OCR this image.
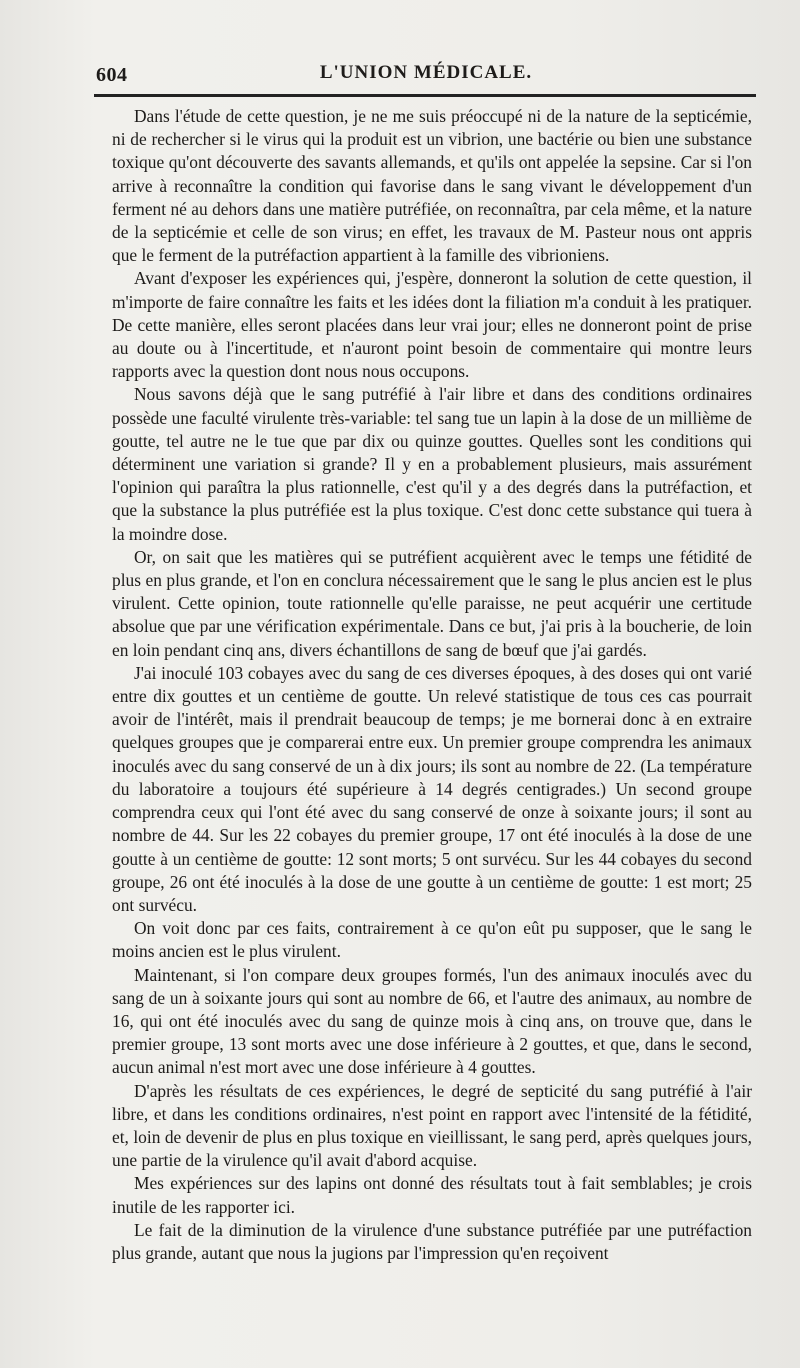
604	L'UNION MÉDICALE.

Dans l'étude de cette question, je ne me suis préoccupé ni de la nature de la septicémie, ni de rechercher si le virus qui la produit est un vibrion, une bactérie ou bien une substance toxique qu'ont découverte des savants allemands, et qu'ils ont appelée la sepsine. Car si l'on arrive à reconnaître la condition qui favorise dans le sang vivant le développement d'un ferment né au dehors dans une matière putréfiée, on reconnaîtra, par cela même, et la nature de la septicémie et celle de son virus; en effet, les travaux de M. Pasteur nous ont appris que le ferment de la putréfaction appartient à la famille des vibrioniens.

Avant d'exposer les expériences qui, j'espère, donneront la solution de cette question, il m'importe de faire connaître les faits et les idées dont la filiation m'a conduit à les pratiquer. De cette manière, elles seront placées dans leur vrai jour; elles ne donneront point de prise au doute ou à l'incertitude, et n'auront point besoin de commentaire qui montre leurs rapports avec la question dont nous nous occupons.

Nous savons déjà que le sang putréfié à l'air libre et dans des conditions ordinaires possède une faculté virulente très-variable: tel sang tue un lapin à la dose de un millième de goutte, tel autre ne le tue que par dix ou quinze gouttes. Quelles sont les conditions qui déterminent une variation si grande? Il y en a probablement plusieurs, mais assurément l'opinion qui paraîtra la plus rationnelle, c'est qu'il y a des degrés dans la putréfaction, et que la substance la plus putréfiée est la plus toxique. C'est donc cette substance qui tuera à la moindre dose.

Or, on sait que les matières qui se putréfient acquièrent avec le temps une fétidité de plus en plus grande, et l'on en conclura nécessairement que le sang le plus ancien est le plus virulent. Cette opinion, toute rationnelle qu'elle paraisse, ne peut acquérir une certitude absolue que par une vérification expérimentale. Dans ce but, j'ai pris à la boucherie, de loin en loin pendant cinq ans, divers échantillons de sang de bœuf que j'ai gardés.

J'ai inoculé 103 cobayes avec du sang de ces diverses époques, à des doses qui ont varié entre dix gouttes et un centième de goutte. Un relevé statistique de tous ces cas pourrait avoir de l'intérêt, mais il prendrait beaucoup de temps; je me bornerai donc à en extraire quelques groupes que je comparerai entre eux. Un premier groupe comprendra les animaux inoculés avec du sang conservé de un à dix jours; ils sont au nombre de 22. (La température du laboratoire a toujours été supérieure à 14 degrés centigrades.) Un second groupe comprendra ceux qui l'ont été avec du sang conservé de onze à soixante jours; il sont au nombre de 44. Sur les 22 cobayes du premier groupe, 17 ont été inoculés à la dose de une goutte à un centième de goutte: 12 sont morts; 5 ont survécu. Sur les 44 cobayes du second groupe, 26 ont été inoculés à la dose de une goutte à un centième de goutte: 1 est mort; 25 ont survécu.

On voit donc par ces faits, contrairement à ce qu'on eût pu supposer, que le sang le moins ancien est le plus virulent.

Maintenant, si l'on compare deux groupes formés, l'un des animaux inoculés avec du sang de un à soixante jours qui sont au nombre de 66, et l'autre des animaux, au nombre de 16, qui ont été inoculés avec du sang de quinze mois à cinq ans, on trouve que, dans le premier groupe, 13 sont morts avec une dose inférieure à 2 gouttes, et que, dans le second, aucun animal n'est mort avec une dose inférieure à 4 gouttes.

D'après les résultats de ces expériences, le degré de septicité du sang putréfié à l'air libre, et dans les conditions ordinaires, n'est point en rapport avec l'intensité de la fétidité, et, loin de devenir de plus en plus toxique en vieillissant, le sang perd, après quelques jours, une partie de la virulence qu'il avait d'abord acquise.

Mes expériences sur des lapins ont donné des résultats tout à fait semblables; je crois inutile de les rapporter ici.

Le fait de la diminution de la virulence d'une substance putréfiée par une putréfaction plus grande, autant que nous la jugions par l'impression qu'en reçoivent
